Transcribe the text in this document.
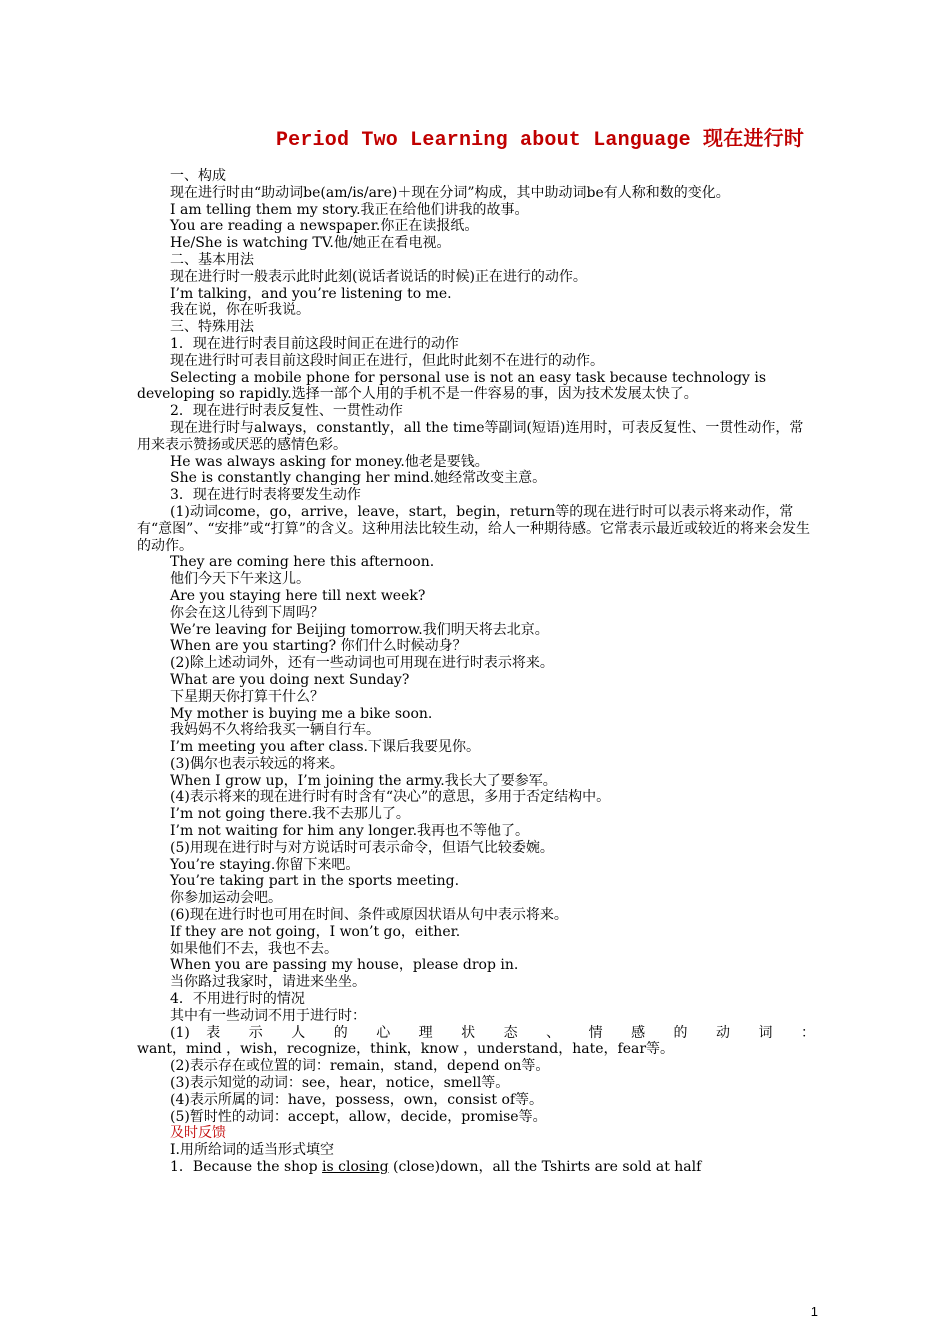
Period Two Learning about Language 现在进行时

一、构成

现在进行时由“助动词be(am/is/are)＋现在分词”构成，其中助动词be有人称和数的变化。

I am telling them my story.我正在给他们讲我的故事。

You are reading a newspaper.你正在读报纸。

He/She is watching TV.他/她正在看电视。

二、基本用法

现在进行时一般表示此时此刻(说话者说话的时候)正在进行的动作。

I’m talking，and you’re listening to me.

我在说，你在听我说。

三、特殊用法

1．现在进行时表目前这段时间正在进行的动作

现在进行时可表目前这段时间正在进行，但此时此刻不在进行的动作。

Selecting a mobile phone for personal use is not an easy task because technology is developing so rapidly.选择一部个人用的手机不是一件容易的事，因为技术发展太快了。

2．现在进行时表反复性、一贯性动作

现在进行时与always，constantly，all the time等副词(短语)连用时，可表反复性、一贯性动作，常用来表示赞扬或厌恶的感情色彩。

He was always asking for money.他老是要钱。

She is constantly changing her mind.她经常改变主意。

3．现在进行时表将要发生动作

(1)动词come，go，arrive，leave，start，begin，return等的现在进行时可以表示将来动作，常有“意图”、“安排”或“打算”的含义。这种用法比较生动，给人一种期待感。它常表示最近或较近的将来会发生的动作。

They are coming here this afternoon.

他们今天下午来这儿。

Are you staying here till next week?

你会在这儿待到下周吗？

We’re leaving for Beijing tomorrow.我们明天将去北京。

When are you starting? 你们什么时候动身？

(2)除上述动词外，还有一些动词也可用现在进行时表示将来。

What are you doing next Sunday?

下星期天你打算干什么？

My mother is buying me a bike soon.

我妈妈不久将给我买一辆自行车。

I’m meeting you after class.下课后我要见你。

(3)偶尔也表示较远的将来。

When I grow up，I’m joining the army.我长大了要参军。

(4)表示将来的现在进行时有时含有“决心”的意思，多用于否定结构中。

I’m not going there.我不去那儿了。

I’m not waiting for him any longer.我再也不等他了。

(5)用现在进行时与对方说话时可表示命令，但语气比较委婉。

You’re staying.你留下来吧。

You’re taking part in the sports meeting.

你参加运动会吧。

(6)现在进行时也可用在时间、条件或原因状语从句中表示将来。

If they are not going，I won’t go，either.

如果他们不去，我也不去。

When you are passing my house，please drop in.

当你路过我家时，请进来坐坐。

4．不用进行时的情况

其中有一些动词不用于进行时：

(1) 表 示 人 的 心 理 状 态 、 情 感 的 动 词 ：

want，mind ，wish，recognize，think，know ，understand，hate，fear等。

(2)表示存在或位置的词：remain，stand，depend on等。

(3)表示知觉的动词：see，hear，notice，smell等。

(4)表示所属的词：have，possess，own，consist of等。

(5)暂时性的动词：accept，allow，decide，promise等。

及时反馈

Ⅰ.用所给词的适当形式填空

1．Because the shop is closing (close)down，all the Tshirts are sold at half

1
